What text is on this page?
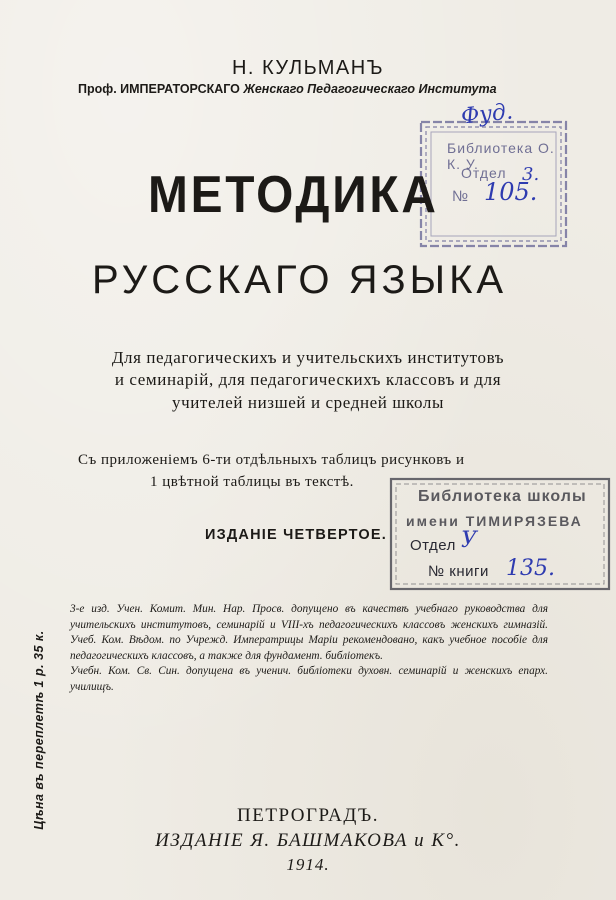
Н. КУЛЬМАНЪ
Проф. ИМПЕРАТОРСКАГО Женскаго Педагогическаго Института
Библиотека О. К. У.
Отдел
№
Фуд.
3.
105.
МЕТОДИКА
РУССКАГО ЯЗЫКА
Для педагогическихъ и учительскихъ институтовъ
и семинарій, для педагогическихъ классовъ и для
учителей низшей и средней школы
Съ приложеніемъ 6-ти отдѣльныхъ таблицъ рисунковъ и
1 цвѣтной таблицы въ текстѣ.
Библиотека школы
имени ТИМИРЯЗЕВА
Отдел
№ книги
У
135.
ИЗДАНІЕ ЧЕТВЕРТОЕ.
Цѣна въ переплетѣ 1 р. 35 к.

3-е изд. Учен. Комит. Мин. Нар. Просв. допущено въ качествѣ учебнаго руководства для учительскихъ институтовъ, семинарій и VIII-хъ педагогическихъ классовъ женскихъ гимназій. Учеб. Ком. Вѣдом. по Учрежд. Императрицы Маріи рекомендовано, какъ учебное пособіе для педагогическихъ классовъ, а также для фундамент. библіотекъ.

Учебн. Ком. Св. Син. допущена въ ученич. библіотеки духовн. семинарій и женскихъ епарх. училищъ.

ПЕТРОГРАДЪ.
ИЗДАНІЕ Я. БАШМАКОВА и К°.
1914.
